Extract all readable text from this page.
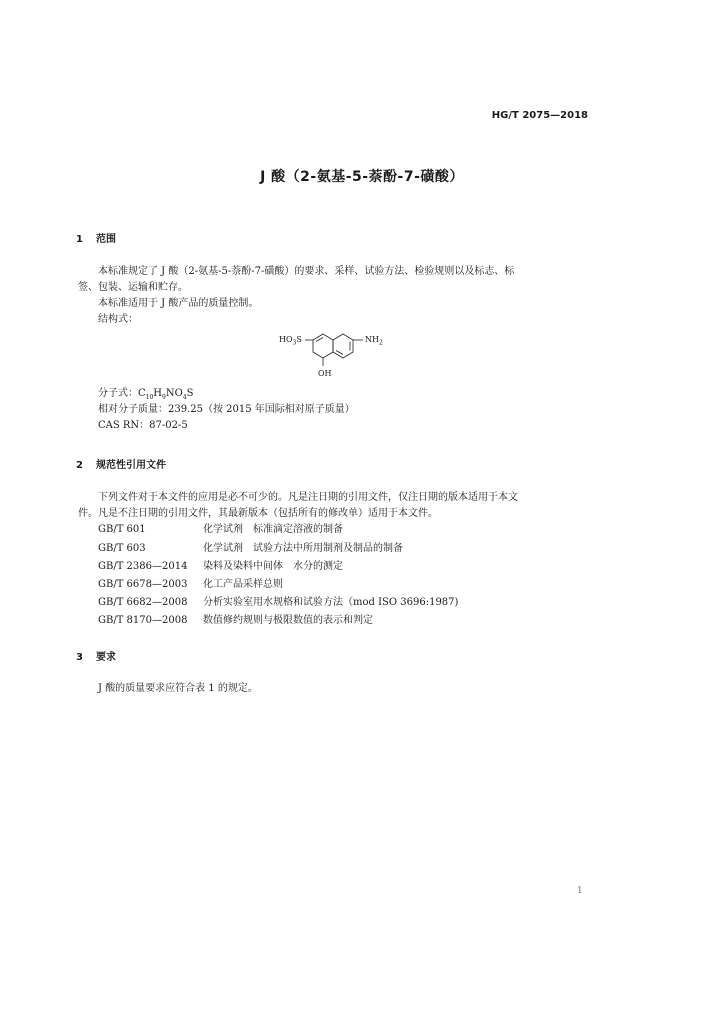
HG/T 2075—2018
J 酸（2-氨基-5-萘酚-7-磺酸）
1 范围
本标准规定了 J 酸（2-氨基-5-萘酚-7-磺酸）的要求、采样、试验方法、检验规则以及标志、标
签、包装、运输和贮存。
本标准适用于 J 酸产品的质量控制。
结构式：
$HO_3S$	$NH_2$
OH
分子式：$C_{10}H_9NO_4S$
相对分子质量：239.25（按 2015 年国际相对原子质量）
CAS RN：87-02-5
2 规范性引用文件
下列文件对于本文件的应用是必不可少的。凡是注日期的引用文件，仅注日期的版本适用于本文
件。凡是不注日期的引用文件，其最新版本（包括所有的修改单）适用于本文件。
GB/T 601	化学试剂　标准滴定溶液的制备
GB/T 603	化学试剂　试验方法中所用制剂及制品的制备
GB/T 2386—2014 染料及染料中间体　水分的测定
GB/T 6678—2003 化工产品采样总则
GB/T 6682—2008 分析实验室用水规格和试验方法（mod ISO 3696:1987)
GB/T 8170—2008 数值修约规则与极限数值的表示和判定
3 要求
J 酸的质量要求应符合表 1 的规定。
1
